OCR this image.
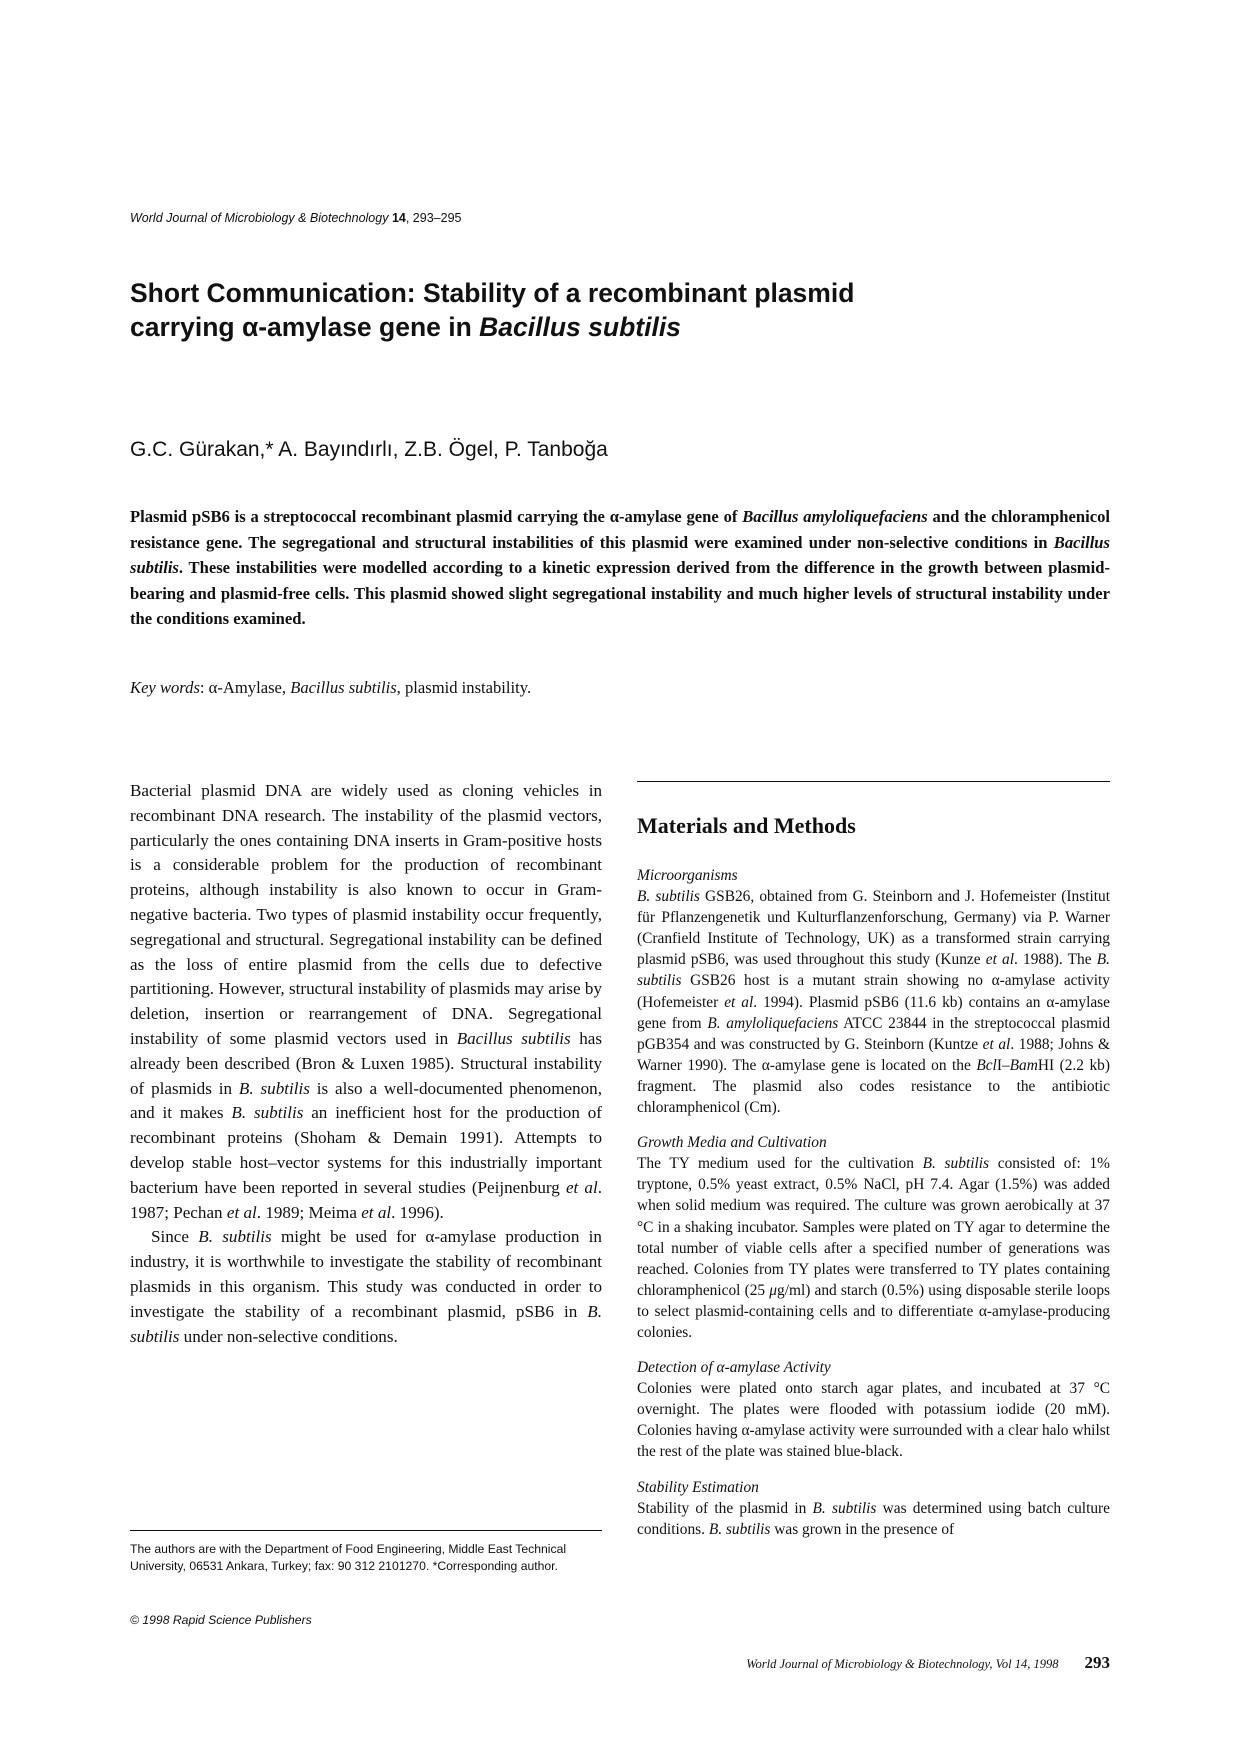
World Journal of Microbiology & Biotechnology 14, 293–295
Short Communication: Stability of a recombinant plasmid
carrying α-amylase gene in Bacillus subtilis
G.C. Gürakan,* A. Bayındırlı, Z.B. Ögel, P. Tanboğa
Plasmid pSB6 is a streptococcal recombinant plasmid carrying the α-amylase gene of Bacillus amyloliquefaciens and the chloramphenicol resistance gene. The segregational and structural instabilities of this plasmid were examined under non-selective conditions in Bacillus subtilis. These instabilities were modelled according to a kinetic expression derived from the difference in the growth between plasmid-bearing and plasmid-free cells. This plasmid showed slight segregational instability and much higher levels of structural instability under the conditions examined.
Key words: α-Amylase, Bacillus subtilis, plasmid instability.

Bacterial plasmid DNA are widely used as cloning vehicles in recombinant DNA research. The instability of the plasmid vectors, particularly the ones containing DNA inserts in Gram-positive hosts is a considerable problem for the production of recombinant proteins, although instability is also known to occur in Gram-negative bacteria. Two types of plasmid instability occur frequently, segregational and structural. Segregational instability can be defined as the loss of entire plasmid from the cells due to defective partitioning. However, structural instability of plasmids may arise by deletion, insertion or rearrangement of DNA. Segregational instability of some plasmid vectors used in Bacillus subtilis has already been described (Bron & Luxen 1985). Structural instability of plasmids in B. subtilis is also a well-documented phenomenon, and it makes B. subtilis an inefficient host for the production of recombinant proteins (Shoham & Demain 1991). Attempts to develop stable host–vector systems for this industrially important bacterium have been reported in several studies (Peijnenburg et al. 1987; Pechan et al. 1989; Meima et al. 1996).

Since B. subtilis might be used for α-amylase production in industry, it is worthwhile to investigate the stability of recombinant plasmids in this organism. This study was conducted in order to investigate the stability of a recombinant plasmid, pSB6 in B. subtilis under non-selective conditions.

The authors are with the Department of Food Engineering, Middle East Technical University, 06531 Ankara, Turkey; fax: 90 312 2101270. *Corresponding author.
© 1998 Rapid Science Publishers
Materials and Methods

Microorganisms

B. subtilis GSB26, obtained from G. Steinborn and J. Hofemeister (Institut für Pflanzengenetik und Kulturflanzenforschung, Germany) via P. Warner (Cranfield Institute of Technology, UK) as a transformed strain carrying plasmid pSB6, was used throughout this study (Kunze et al. 1988). The B. subtilis GSB26 host is a mutant strain showing no α-amylase activity (Hofemeister et al. 1994). Plasmid pSB6 (11.6 kb) contains an α-amylase gene from B. amyloliquefaciens ATCC 23844 in the streptococcal plasmid pGB354 and was constructed by G. Steinborn (Kuntze et al. 1988; Johns & Warner 1990). The α-amylase gene is located on the BclI–BamHI (2.2 kb) fragment. The plasmid also codes resistance to the antibiotic chloramphenicol (Cm).

Growth Media and Cultivation

The TY medium used for the cultivation B. subtilis consisted of: 1% tryptone, 0.5% yeast extract, 0.5% NaCl, pH 7.4. Agar (1.5%) was added when solid medium was required. The culture was grown aerobically at 37 °C in a shaking incubator. Samples were plated on TY agar to determine the total number of viable cells after a specified number of generations was reached. Colonies from TY plates were transferred to TY plates containing chloramphenicol (25 μg/ml) and starch (0.5%) using disposable sterile loops to select plasmid-containing cells and to differentiate α-amylase-producing colonies.

Detection of α-amylase Activity

Colonies were plated onto starch agar plates, and incubated at 37 °C overnight. The plates were flooded with potassium iodide (20 mM). Colonies having α-amylase activity were surrounded with a clear halo whilst the rest of the plate was stained blue-black.

Stability Estimation

Stability of the plasmid in B. subtilis was determined using batch culture conditions. B. subtilis was grown in the presence of

World Journal of Microbiology & Biotechnology, Vol 14, 1998 293
